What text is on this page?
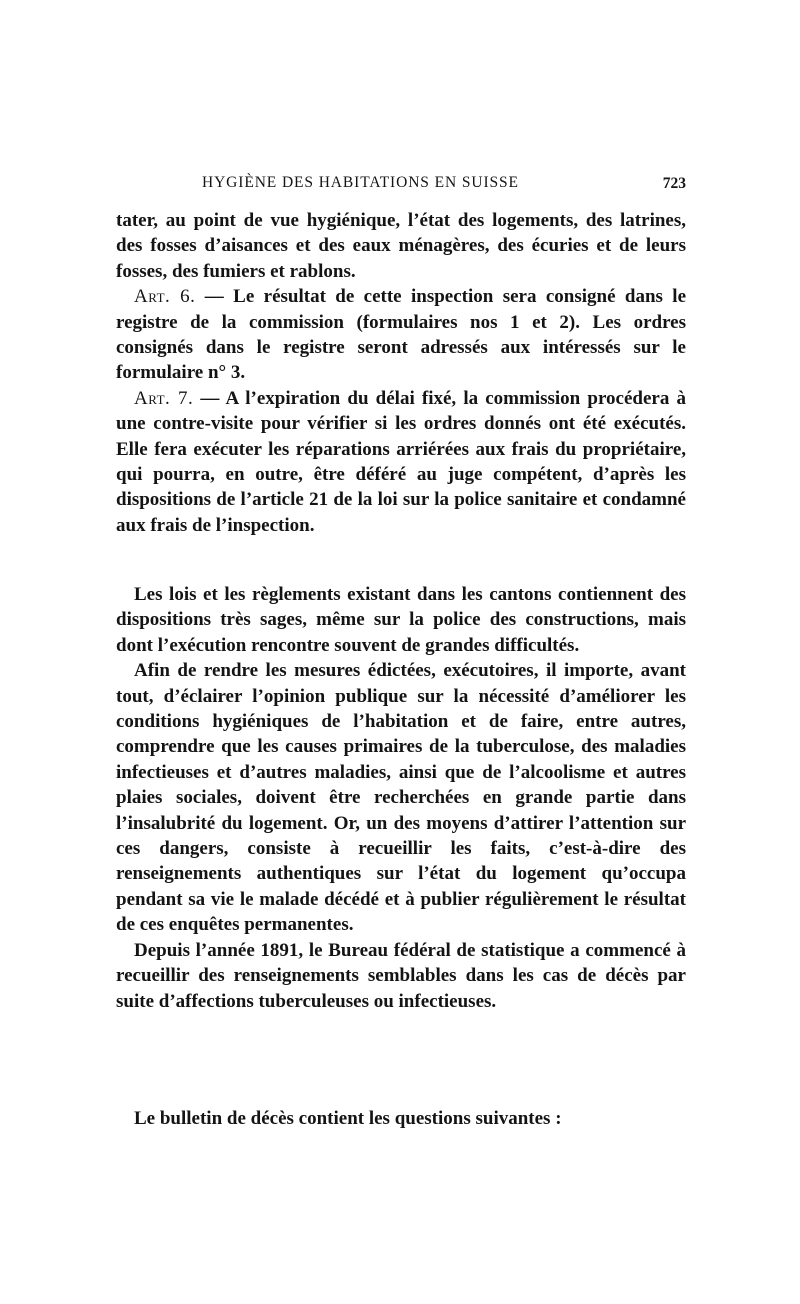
HYGIÈNE DES HABITATIONS EN SUISSE	723

tater, au point de vue hygiénique, l’état des logements, des latrines, des fosses d’aisances et des eaux ménagères, des écuries et de leurs fosses, des fumiers et rablons.

Art. 6. — Le résultat de cette inspection sera consigné dans le registre de la commission (formulaires nos 1 et 2). Les ordres consignés dans le registre seront adressés aux intéressés sur le formulaire n° 3.

Art. 7. — A l’expiration du délai fixé, la commission procédera à une contre-visite pour vérifier si les ordres donnés ont été exécutés. Elle fera exécuter les réparations arriérées aux frais du propriétaire, qui pourra, en outre, être déféré au juge compétent, d’après les dispositions de l’article 21 de la loi sur la police sanitaire et condamné aux frais de l’inspection.

Les lois et les règlements existant dans les cantons contiennent des dispositions très sages, même sur la police des constructions, mais dont l’exécution rencontre souvent de grandes difficultés.

Afin de rendre les mesures édictées, exécutoires, il importe, avant tout, d’éclairer l’opinion publique sur la nécessité d’améliorer les conditions hygiéniques de l’habitation et de faire, entre autres, comprendre que les causes primaires de la tuberculose, des maladies infectieuses et d’autres maladies, ainsi que de l’alcoolisme et autres plaies sociales, doivent être recherchées en grande partie dans l’insalubrité du logement. Or, un des moyens d’attirer l’attention sur ces dangers, consiste à recueillir les faits, c’est-à-dire des renseignements authentiques sur l’état du logement qu’occupa pendant sa vie le malade décédé et à publier régulièrement le résultat de ces enquêtes permanentes.

Depuis l’année 1891, le Bureau fédéral de statistique a commencé à recueillir des renseignements semblables dans les cas de décès par suite d’affections tuberculeuses ou infectieuses.

Le bulletin de décès contient les questions suivantes :
